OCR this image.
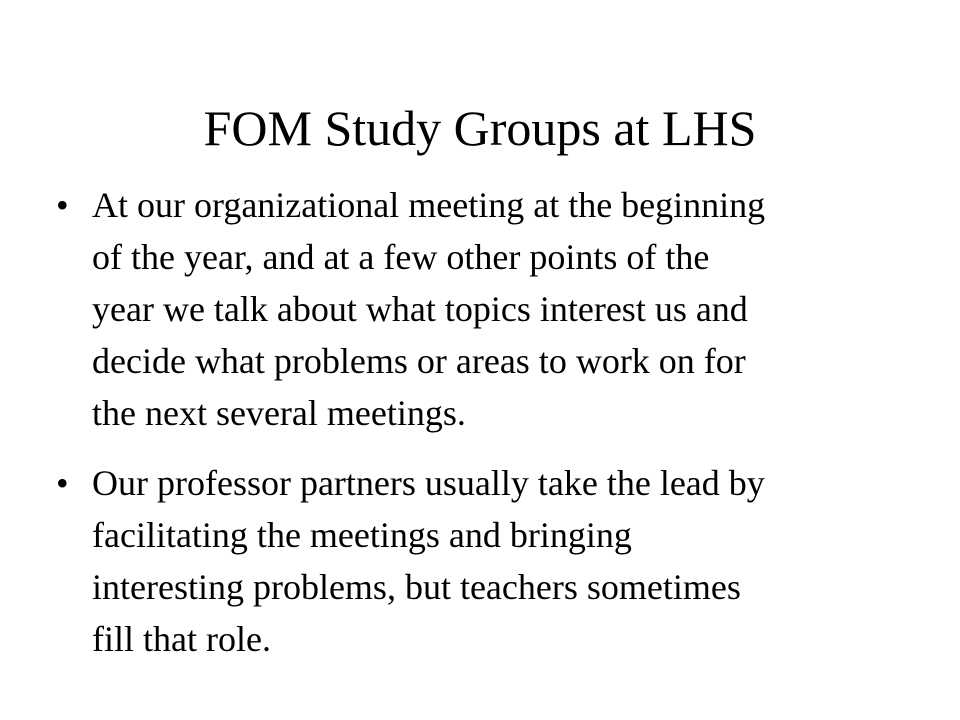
FOM Study Groups at LHS
• At our organizational meeting at the beginning
of the year, and at a few other points of the
year we talk about what topics interest us and
decide what problems or areas to work on for
the next several meetings.
• Our professor partners usually take the lead by
facilitating the meetings and bringing
interesting problems, but teachers sometimes
fill that role.
